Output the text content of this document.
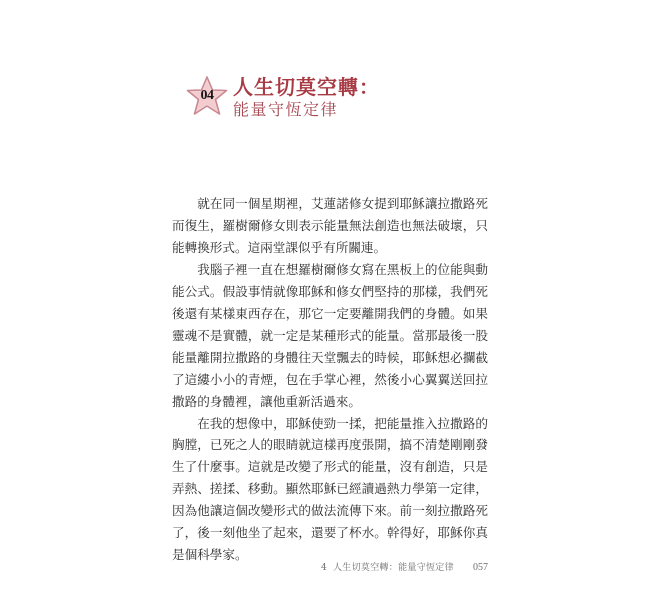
04 人生切莫空轉：
能量守恆定律

就在同一個星期裡，艾蓮諾修女提到耶穌讓拉撒路死而復生，羅樹爾修女則表示能量無法創造也無法破壞，只能轉換形式。這兩堂課似乎有所關連。

我腦子裡一直在想羅樹爾修女寫在黑板上的位能與動能公式。假設事情就像耶穌和修女們堅持的那樣，我們死後還有某樣東西存在，那它一定要離開我們的身體。如果靈魂不是實體，就一定是某種形式的能量。當那最後一股能量離開拉撒路的身體往天堂飄去的時候，耶穌想必攔截了這縷小小的青煙，包在手掌心裡，然後小心翼翼送回拉撒路的身體裡，讓他重新活過來。

在我的想像中，耶穌使勁一揉，把能量推入拉撒路的胸膛，已死之人的眼睛就這樣再度張開，搞不清楚剛剛發生了什麼事。這就是改變了形式的能量，沒有創造，只是弄熱、搓揉、移動。顯然耶穌已經讀過熱力學第一定律，因為他讓這個改變形式的做法流傳下來。前一刻拉撒路死了，後一刻他坐了起來，還要了杯水。幹得好，耶穌你真是個科學家。

4 人生切莫空轉：能量守恆定律 057
